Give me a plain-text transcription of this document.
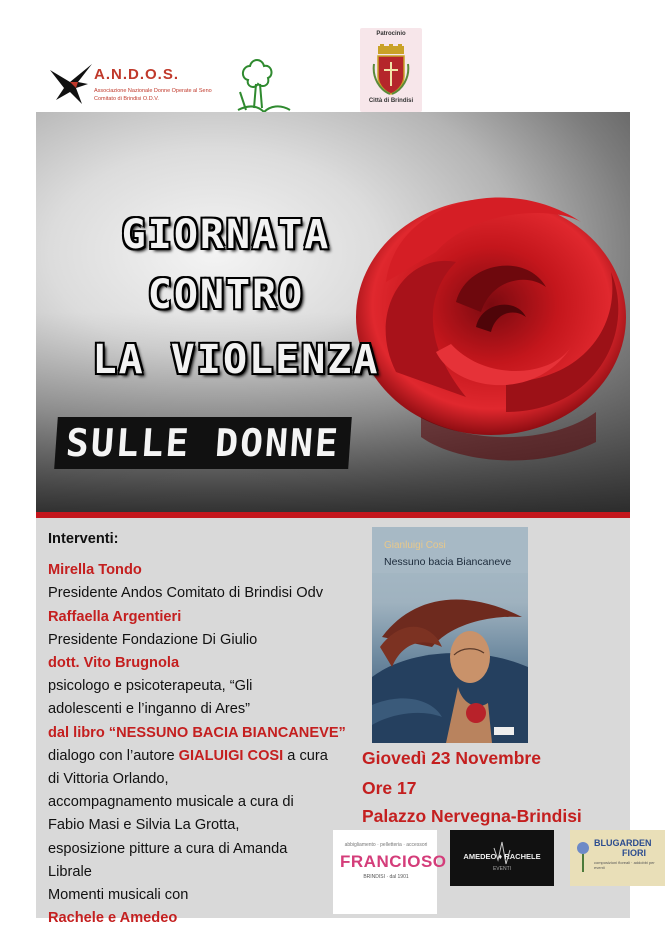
A.N.D.O.S.
Associazione Nazionale Donne Operate al Seno
Comitato di Brindisi O.D.V.
Patrocinio
Città di Brindisi
GIORNATA
CONTRO
LA VIOLENZA
SULLE DONNE
Interventi:
Mirella Tondo
Presidente Andos Comitato di Brindisi Odv
Raffaella Argentieri
Presidente Fondazione Di Giulio
dott. Vito Brugnola
psicologo e psicoterapeuta, “Gli
adolescenti e l’inganno di Ares”
dal libro “NESSUNO BACIA BIANCANEVE”
dialogo con l’autore GIALUIGI COSI a cura
di Vittoria Orlando,
accompagnamento musicale a cura di
Fabio Masi e Silvia La Grotta,
esposizione pitture a cura di Amanda
Librale
Momenti musicali con
Rachele e Amedeo
Gianluigi Cosi
Nessuno bacia Biancaneve
Giovedì 23 Novembre
Ore 17
Palazzo Nervegna-Brindisi
abbigliamento · pelletteria · accessori
FRANCIOSO
BRINDISI · dal 1901
AMEDEO ♦ RACHELE
EVENTI
BLUGARDEN
FIORI
composizioni floreali · addobbi per eventi
